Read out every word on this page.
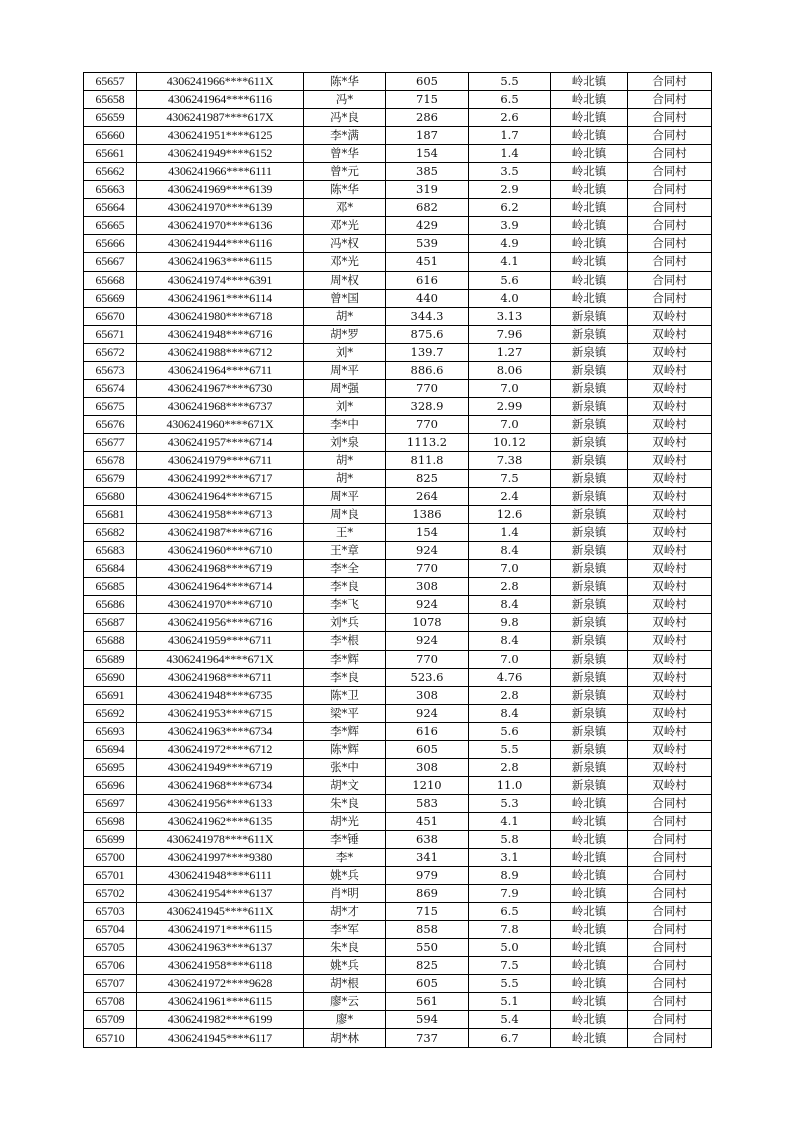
65657	4306241966****611X	陈*华	605	5.5	岭北镇	合同村
65658	4306241964****6116	冯*	715	6.5	岭北镇	合同村
65659	4306241987****617X	冯*良	286	2.6	岭北镇	合同村
65660	4306241951****6125	李*满	187	1.7	岭北镇	合同村
65661	4306241949****6152	曾*华	154	1.4	岭北镇	合同村
65662	4306241966****6111	曾*元	385	3.5	岭北镇	合同村
65663	4306241969****6139	陈*华	319	2.9	岭北镇	合同村
65664	4306241970****6139	邓*	682	6.2	岭北镇	合同村
65665	4306241970****6136	邓*光	429	3.9	岭北镇	合同村
65666	4306241944****6116	冯*权	539	4.9	岭北镇	合同村
65667	4306241963****6115	邓*光	451	4.1	岭北镇	合同村
65668	4306241974****6391	周*权	616	5.6	岭北镇	合同村
65669	4306241961****6114	曾*国	440	4.0	岭北镇	合同村
65670	4306241980****6718	胡*	344.3	3.13	新泉镇	双岭村
65671	4306241948****6716	胡*罗	875.6	7.96	新泉镇	双岭村
65672	4306241988****6712	刘*	139.7	1.27	新泉镇	双岭村
65673	4306241964****6711	周*平	886.6	8.06	新泉镇	双岭村
65674	4306241967****6730	周*强	770	7.0	新泉镇	双岭村
65675	4306241968****6737	刘*	328.9	2.99	新泉镇	双岭村
65676	4306241960****671X	李*中	770	7.0	新泉镇	双岭村
65677	4306241957****6714	刘*泉	1113.2	10.12	新泉镇	双岭村
65678	4306241979****6711	胡*	811.8	7.38	新泉镇	双岭村
65679	4306241992****6717	胡*	825	7.5	新泉镇	双岭村
65680	4306241964****6715	周*平	264	2.4	新泉镇	双岭村
65681	4306241958****6713	周*良	1386	12.6	新泉镇	双岭村
65682	4306241987****6716	王*	154	1.4	新泉镇	双岭村
65683	4306241960****6710	王*章	924	8.4	新泉镇	双岭村
65684	4306241968****6719	李*全	770	7.0	新泉镇	双岭村
65685	4306241964****6714	李*良	308	2.8	新泉镇	双岭村
65686	4306241970****6710	李*飞	924	8.4	新泉镇	双岭村
65687	4306241956****6716	刘*兵	1078	9.8	新泉镇	双岭村
65688	4306241959****6711	李*根	924	8.4	新泉镇	双岭村
65689	4306241964****671X	李*辉	770	7.0	新泉镇	双岭村
65690	4306241968****6711	李*良	523.6	4.76	新泉镇	双岭村
65691	4306241948****6735	陈*卫	308	2.8	新泉镇	双岭村
65692	4306241953****6715	梁*平	924	8.4	新泉镇	双岭村
65693	4306241963****6734	李*辉	616	5.6	新泉镇	双岭村
65694	4306241972****6712	陈*辉	605	5.5	新泉镇	双岭村
65695	4306241949****6719	张*中	308	2.8	新泉镇	双岭村
65696	4306241968****6734	胡*文	1210	11.0	新泉镇	双岭村
65697	4306241956****6133	朱*良	583	5.3	岭北镇	合同村
65698	4306241962****6135	胡*光	451	4.1	岭北镇	合同村
65699	4306241978****611X	李*锤	638	5.8	岭北镇	合同村
65700	4306241997****9380	李*	341	3.1	岭北镇	合同村
65701	4306241948****6111	姚*兵	979	8.9	岭北镇	合同村
65702	4306241954****6137	肖*明	869	7.9	岭北镇	合同村
65703	4306241945****611X	胡*才	715	6.5	岭北镇	合同村
65704	4306241971****6115	李*军	858	7.8	岭北镇	合同村
65705	4306241963****6137	朱*良	550	5.0	岭北镇	合同村
65706	4306241958****6118	姚*兵	825	7.5	岭北镇	合同村
65707	4306241972****9628	胡*根	605	5.5	岭北镇	合同村
65708	4306241961****6115	廖*云	561	5.1	岭北镇	合同村
65709	4306241982****6199	廖*	594	5.4	岭北镇	合同村
65710	4306241945****6117	胡*林	737	6.7	岭北镇	合同村
